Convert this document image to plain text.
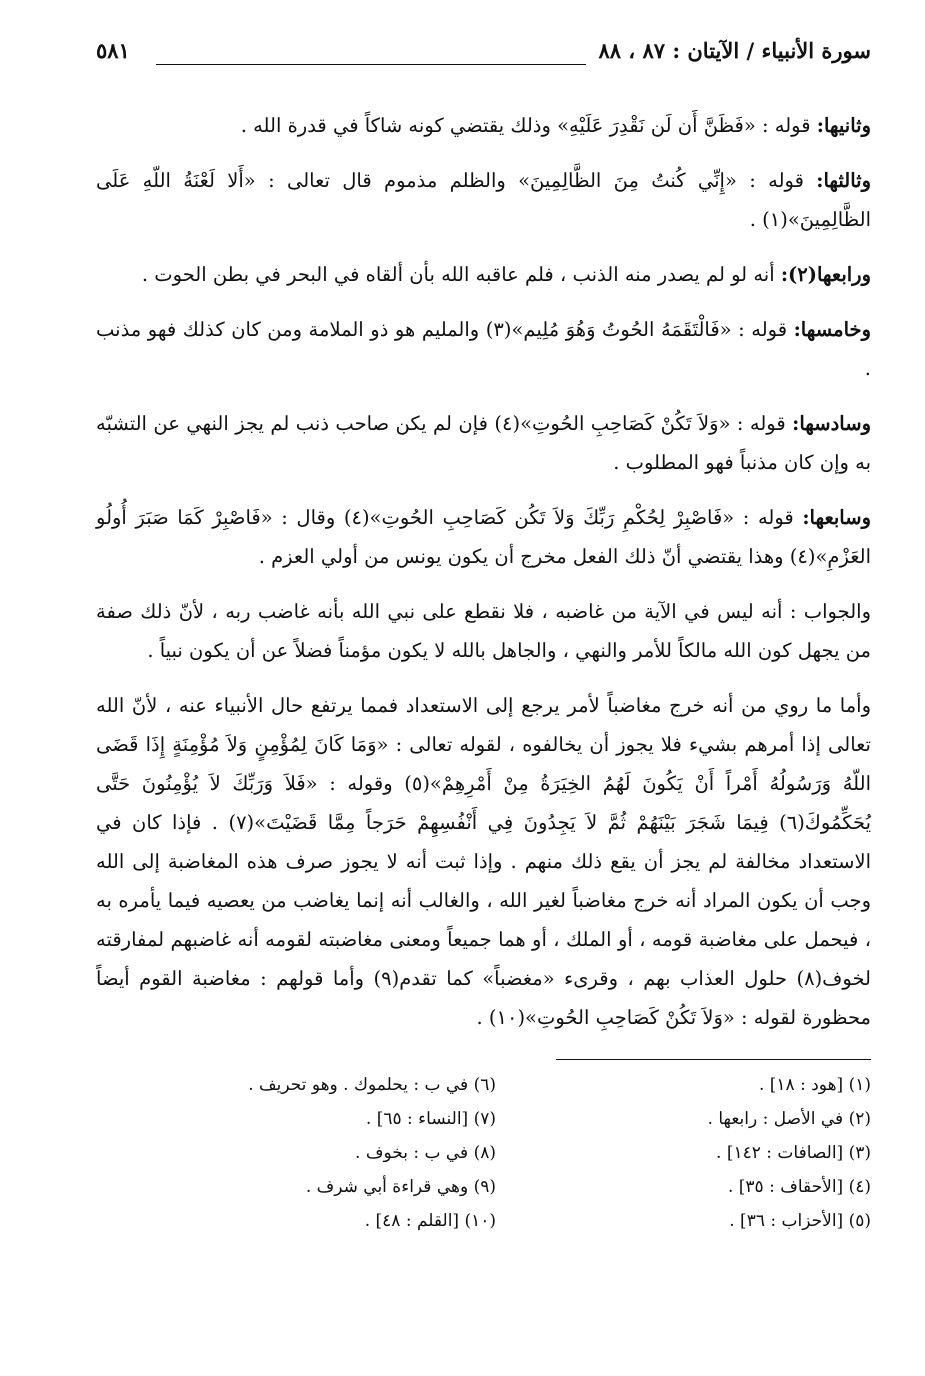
سورة الأنبياء / الآيتان : ٨٧ ، ٨٨
٥٨١

وثانيها: قوله : «فَظَنَّ أَن لَن نَقْدِرَ عَلَيْهِ» وذلك يقتضي كونه شاكاً في قدرة الله .

وثالثها: قوله : «إِنِّي كُنتُ مِنَ الظَّالِمِينَ» والظلم مذموم قال تعالى : «أَلا لَعْنَةُ اللّهِ عَلَى الظَّالِمِينَ»(١) .

ورابعها(٢): أنه لو لم يصدر منه الذنب ، فلم عاقبه الله بأن ألقاه في البحر في بطن الحوت .

وخامسها: قوله : «فَالْتَقَمَهُ الحُوتُ وَهُوَ مُلِيم»(٣) والمليم هو ذو الملامة ومن كان كذلك فهو مذنب .

وسادسها: قوله : «وَلاَ تَكُنْ كَصَاحِبِ الحُوتِ»(٤) فإن لم يكن صاحب ذنب لم يجز النهي عن التشبّه به وإن كان مذنباً فهو المطلوب .

وسابعها: قوله : «فَاصْبِرْ لِحُكْمِ رَبِّكَ وَلاَ تَكُن كَصَاحِبِ الحُوتِ»(٤) وقال : «فَاصْبِرْ كَمَا صَبَرَ أُولُو العَزْمِ»(٤) وهذا يقتضي أنّ ذلك الفعل مخرج أن يكون يونس من أولي العزم .

والجواب : أنه ليس في الآية من غاضبه ، فلا نقطع على نبي الله بأنه غاضب ربه ، لأنّ ذلك صفة من يجهل كون الله مالكاً للأمر والنهي ، والجاهل بالله لا يكون مؤمناً فضلاً عن أن يكون نبياً .

وأما ما روي من أنه خرج مغاضباً لأمر يرجع إلى الاستعداد فمما يرتفع حال الأنبياء عنه ، لأنّ الله تعالى إذا أمرهم بشيء فلا يجوز أن يخالفوه ، لقوله تعالى : «وَمَا كَانَ لِمُؤْمِنٍ وَلاَ مُؤْمِنَةٍ إِذَا قَضَى اللّهُ وَرَسُولُهُ أَمْراً أَنْ يَكُونَ لَهُمُ الخِيَرَةُ مِنْ أَمْرِهِمْ»(٥) وقوله : «فَلاَ وَرَبِّكَ لاَ يُؤْمِنُونَ حَتَّى يُحَكِّمُوكَ(٦) فِيمَا شَجَرَ بَيْنَهُمْ ثُمَّ لاَ يَجِدُونَ فِي أَنْفُسِهِمْ حَرَجاً مِمَّا قَضَيْتَ»(٧) . فإذا كان في الاستعداد مخالفة لم يجز أن يقع ذلك منهم . وإذا ثبت أنه لا يجوز صرف هذه المغاضبة إلى الله وجب أن يكون المراد أنه خرج مغاضباً لغير الله ، والغالب أنه إنما يغاضب من يعصيه فيما يأمره به ، فيحمل على مغاضبة قومه ، أو الملك ، أو هما جميعاً ومعنى مغاضبته لقومه أنه غاضبهم لمفارقته لخوف(٨) حلول العذاب بهم ، وقرىء «مغضباً» كما تقدم(٩) وأما قولهم : مغاضبة القوم أيضاً محظورة لقوله : «وَلاَ تَكُنْ كَصَاحِبِ الحُوتِ»(١٠) .

(١) [هود : ١٨] .
(٢) في الأصل : رابعها .
(٣) [الصافات : ١٤٢] .
(٤) [الأحقاف : ٣٥] .
(٥) [الأحزاب : ٣٦] .
(٦) في ب : يحلموك . وهو تحريف .
(٧) [النساء : ٦٥] .
(٨) في ب : بخوف .
(٩) وهي قراءة أبي شرف .
(١٠) [القلم : ٤٨] .
